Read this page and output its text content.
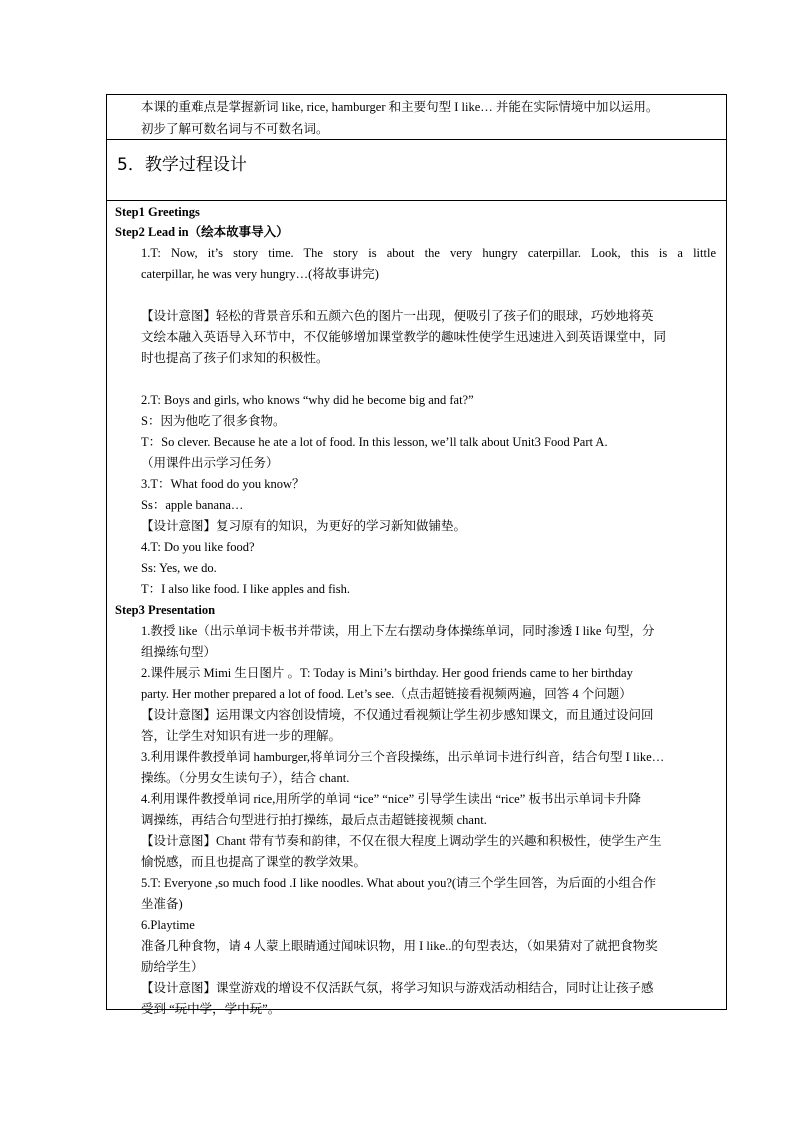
本课的重难点是掌握新词 like, rice, hamburger 和主要句型 I like… 并能在实际情境中加以运用。
初步了解可数名词与不可数名词。
5．教学过程设计
Step1 Greetings
Step2 Lead in（绘本故事导入）
1.T: Now, it’s story time. The story is about the very hungry caterpillar. Look, this is a little
caterpillar, he was very hungry…(将故事讲完)
【设计意图】轻松的背景音乐和五颜六色的图片一出现，便吸引了孩子们的眼球，巧妙地将英
文绘本融入英语导入环节中，不仅能够增加课堂教学的趣味性使学生迅速进入到英语课堂中，同
时也提高了孩子们求知的积极性。
2.T: Boys and girls, who knows “why did he become big and fat?”
S：因为他吃了很多食物。
T：So clever. Because he ate a lot of food. In this lesson, we’ll talk about Unit3 Food Part A.
（用课件出示学习任务）
3.T：What food do you know？
Ss：apple banana…
【设计意图】复习原有的知识，为更好的学习新知做铺垫。
4.T: Do you like food?
Ss: Yes, we do.
T：I also like food. I like apples and fish.
Step3 Presentation
1.教授 like（出示单词卡板书并带读，用上下左右摆动身体操练单词，同时渗透 I like 句型，分
组操练句型）
2.课件展示 Mimi 生日图片 。T: Today is Mini’s birthday. Her good friends came to her birthday
party. Her mother prepared a lot of food. Let’s see.（点击超链接看视频两遍，回答 4 个问题）
【设计意图】运用课文内容创设情境，不仅通过看视频让学生初步感知课文，而且通过设问回
答，让学生对知识有进一步的理解。
3.利用课件教授单词 hamburger,将单词分三个音段操练，出示单词卡进行纠音，结合句型 I like…
操练。（分男女生读句子），结合 chant.
4.利用课件教授单词 rice,用所学的单词 “ice” “nice” 引导学生读出 “rice” 板书出示单词卡升降
调操练，再结合句型进行拍打操练，最后点击超链接视频 chant.
【设计意图】Chant 带有节奏和韵律，不仅在很大程度上调动学生的兴趣和积极性，使学生产生
愉悦感，而且也提高了课堂的教学效果。
5.T: Everyone ,so much food .I like noodles. What about you?(请三个学生回答，为后面的小组合作
坐准备)
6.Playtime
准备几种食物，请 4 人蒙上眼睛通过闻味识物，用 I like..的句型表达，（如果猜对了就把食物奖
励给学生）
【设计意图】课堂游戏的增设不仅活跃气氛，将学习知识与游戏活动相结合，同时让让孩子感
受到 “玩中学，学中玩”。
